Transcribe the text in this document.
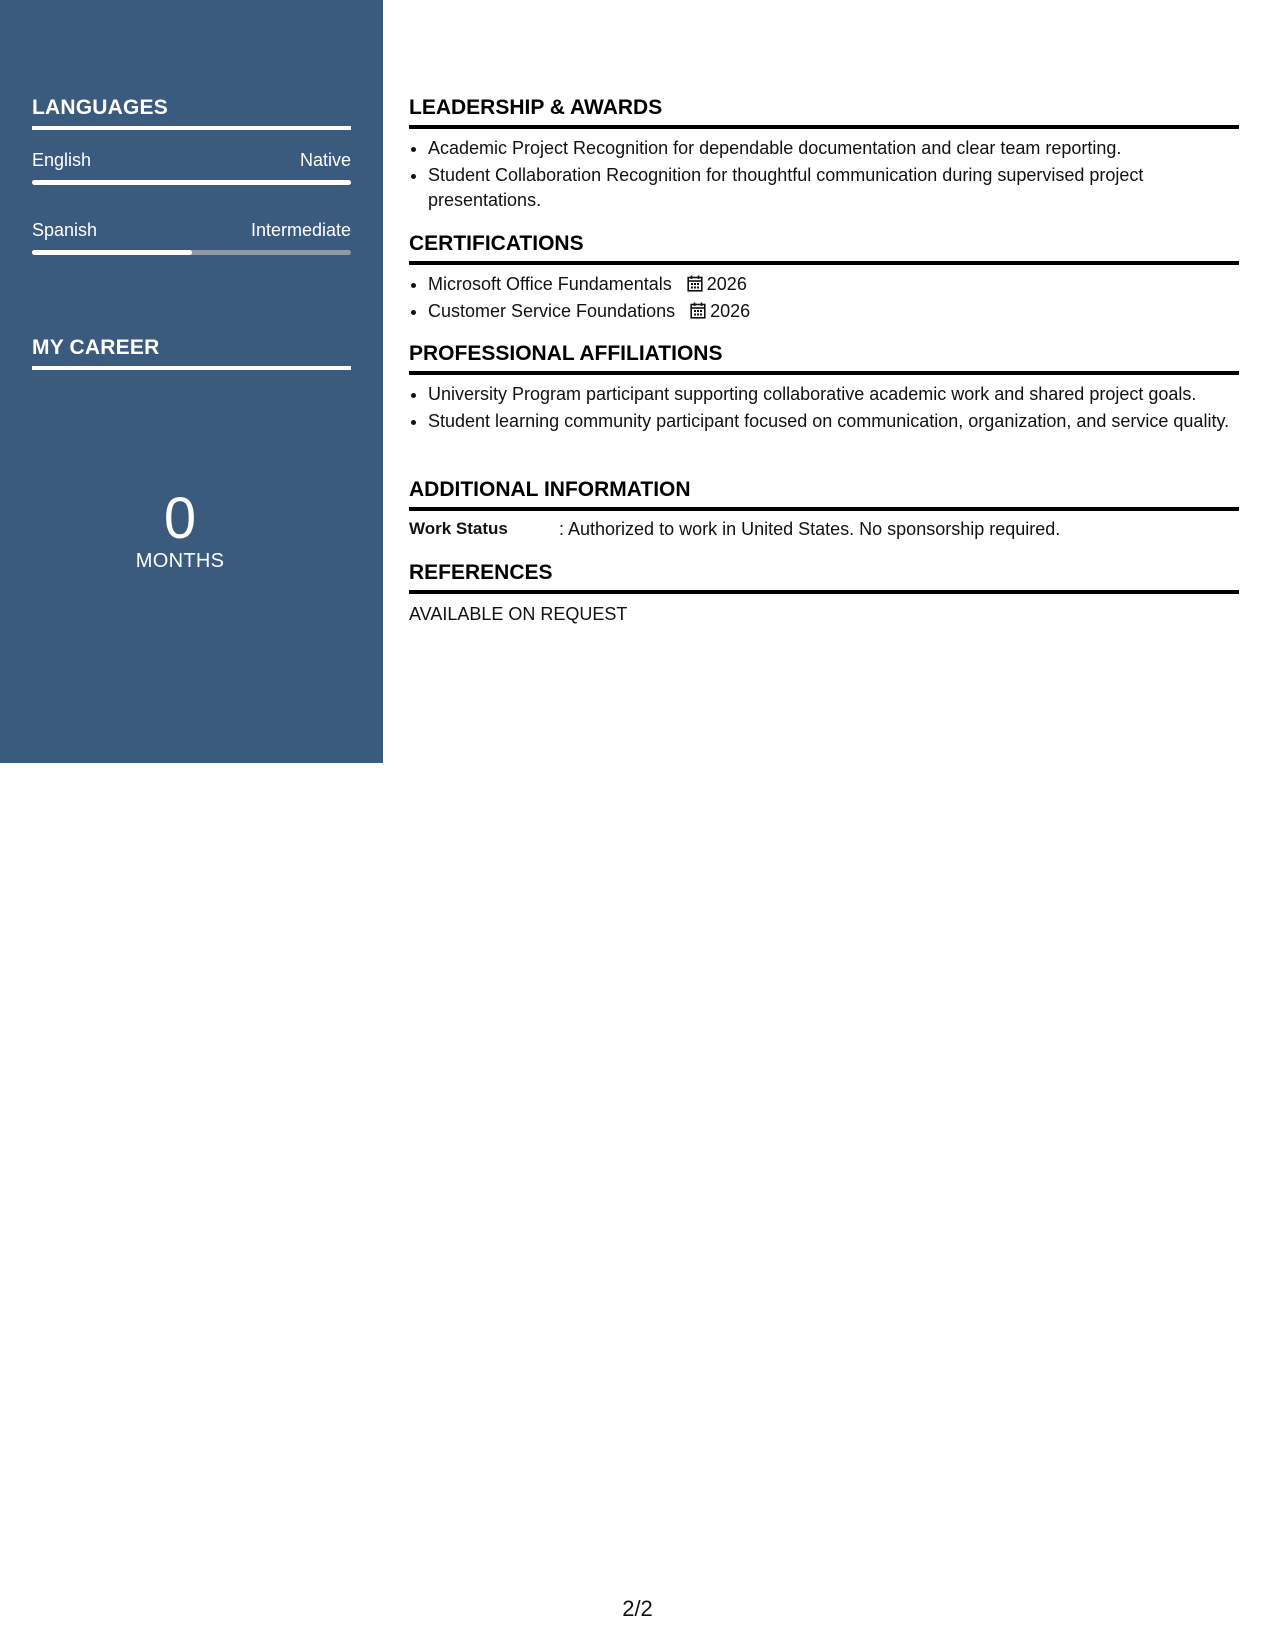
LANGUAGES
English	Native
Spanish	Intermediate
MY CAREER
0
MONTHS
LEADERSHIP & AWARDS
• Academic Project Recognition for dependable documentation and clear team reporting.
• Student Collaboration Recognition for thoughtful communication during supervised project presentations.
CERTIFICATIONS
• Microsoft Office Fundamentals 2026
• Customer Service Foundations 2026
PROFESSIONAL AFFILIATIONS
• University Program participant supporting collaborative academic work and shared project goals.
• Student learning community participant focused on communication, organization, and service quality.
ADDITIONAL INFORMATION
Work Status	: Authorized to work in United States. No sponsorship required.
REFERENCES
AVAILABLE ON REQUEST
2/2
